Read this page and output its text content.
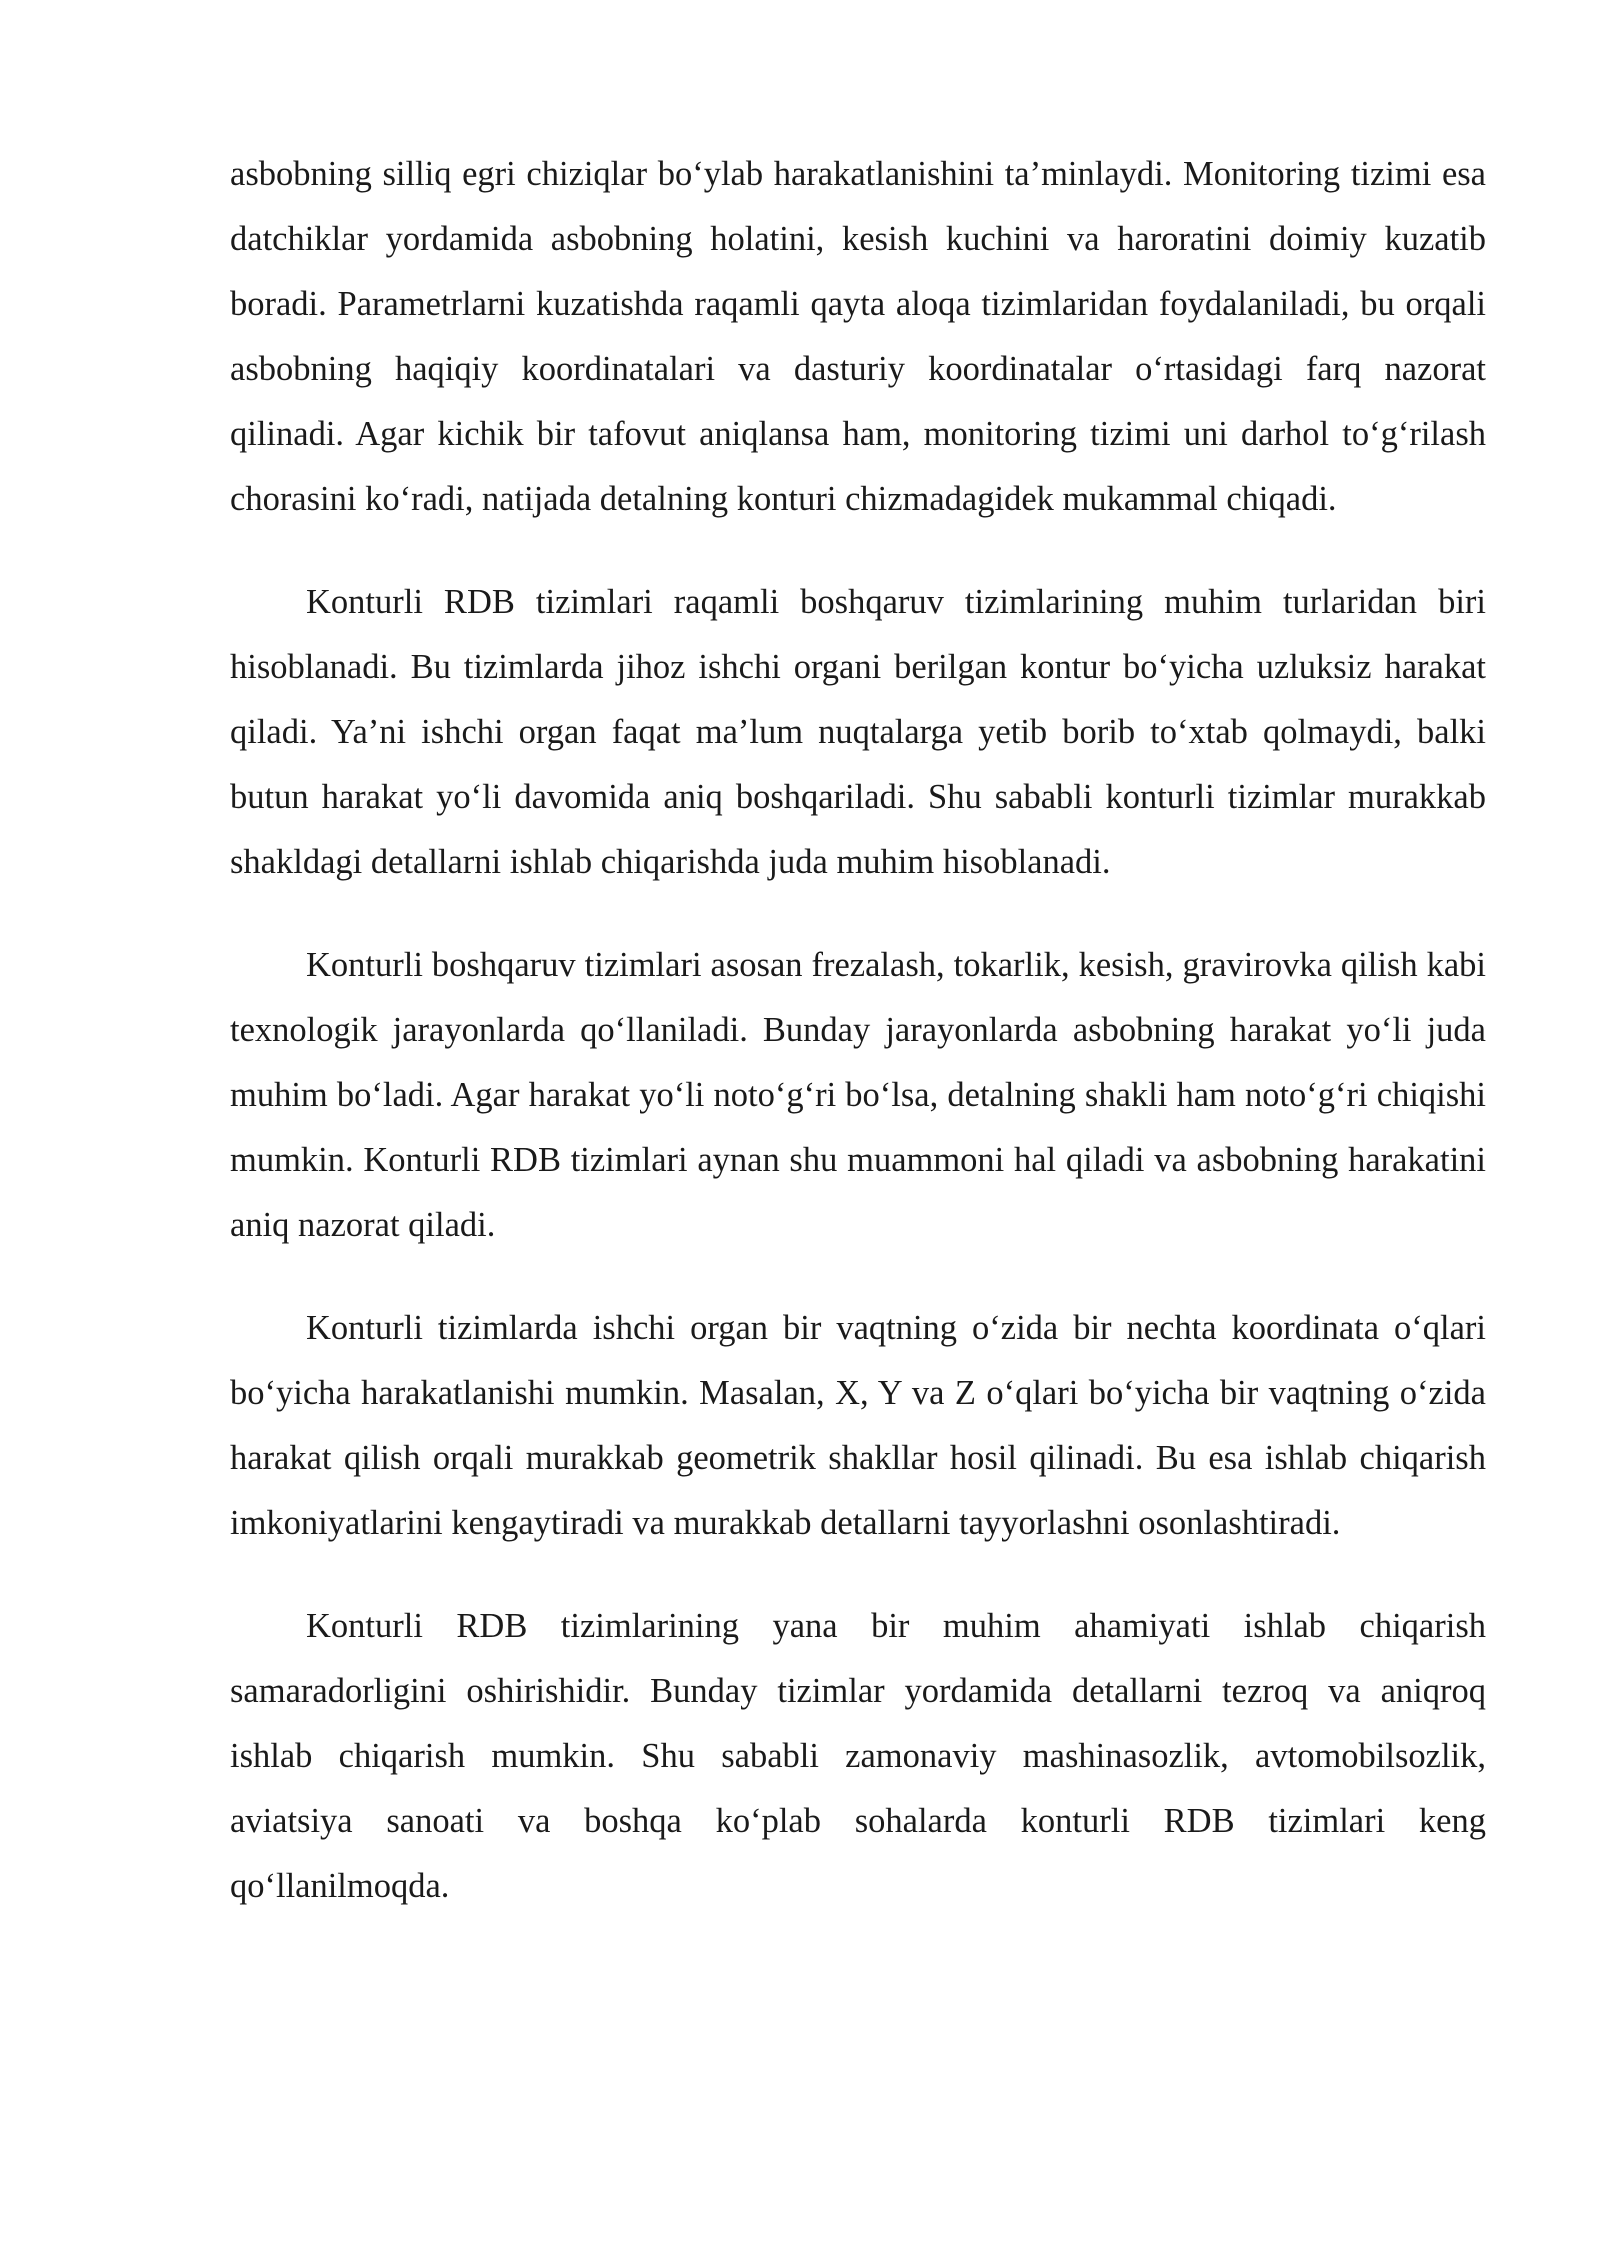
asbobning silliq egri chiziqlar bo‘ylab harakatlanishini ta’minlaydi. Monitoring tizimi esa datchiklar yordamida asbobning holatini, kesish kuchini va haroratini doimiy kuzatib boradi. Parametrlarni kuzatishda raqamli qayta aloqa tizimlaridan foydalaniladi, bu orqali asbobning haqiqiy koordinatalari va dasturiy koordinatalar o‘rtasidagi farq nazorat qilinadi. Agar kichik bir tafovut aniqlansa ham, monitoring tizimi uni darhol to‘g‘rilash chorasini ko‘radi, natijada detalning konturi chizmadagidek mukammal chiqadi.

Konturli RDB tizimlari raqamli boshqaruv tizimlarining muhim turlaridan biri hisoblanadi. Bu tizimlarda jihoz ishchi organi berilgan kontur bo‘yicha uzluksiz harakat qiladi. Ya’ni ishchi organ faqat ma’lum nuqtalarga yetib borib to‘xtab qolmaydi, balki butun harakat yo‘li davomida aniq boshqariladi. Shu sababli konturli tizimlar murakkab shakldagi detallarni ishlab chiqarishda juda muhim hisoblanadi.

Konturli boshqaruv tizimlari asosan frezalash, tokarlik, kesish, gravirovka qilish kabi texnologik jarayonlarda qo‘llaniladi. Bunday jarayonlarda asbobning harakat yo‘li juda muhim bo‘ladi. Agar harakat yo‘li noto‘g‘ri bo‘lsa, detalning shakli ham noto‘g‘ri chiqishi mumkin. Konturli RDB tizimlari aynan shu muammoni hal qiladi va asbobning harakatini aniq nazorat qiladi.

Konturli tizimlarda ishchi organ bir vaqtning o‘zida bir nechta koordinata o‘qlari bo‘yicha harakatlanishi mumkin. Masalan, X, Y va Z o‘qlari bo‘yicha bir vaqtning o‘zida harakat qilish orqali murakkab geometrik shakllar hosil qilinadi. Bu esa ishlab chiqarish imkoniyatlarini kengaytiradi va murakkab detallarni tayyorlashni osonlashtiradi.

Konturli RDB tizimlarining yana bir muhim ahamiyati ishlab chiqarish samaradorligini oshirishidir. Bunday tizimlar yordamida detallarni tezroq va aniqroq ishlab chiqarish mumkin. Shu sababli zamonaviy mashinasozlik, avtomobilsozlik, aviatsiya sanoati va boshqa ko‘plab sohalarda konturli RDB tizimlari keng qo‘llanilmoqda.
